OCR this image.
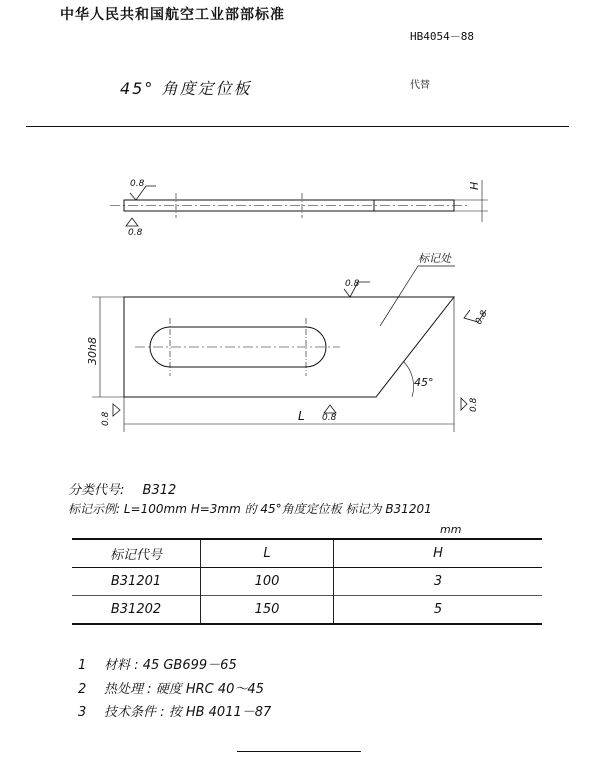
中华人民共和国航空工业部部标准
HB4054－88
45° 角度定位板	代替
H
0.8
0.8
30h8
L
45°
标记处
0.8
0.8
0.8
0.8
0.8
分类代号: B312
标记示例: L=100mm H=3mm 的 45°角度定位板 标记为 B31201
mm
标记代号	L	H
B31201	100	3
B31202	150	5
1 材料 : 45 GB699－65
2 热处理 : 硬度 HRC 40～45
3 技术条件 : 按 HB 4011－87
